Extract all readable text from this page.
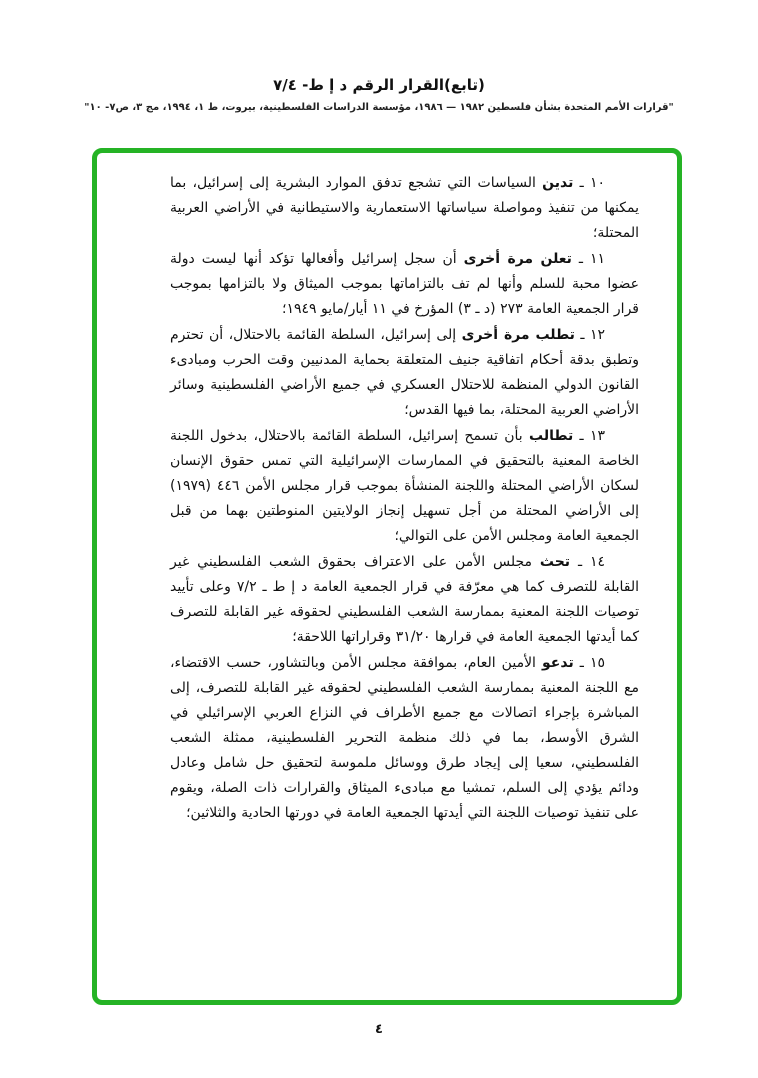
(تابع)القرار الرقم د إ ط- ٧/٤
"قرارات الأمم المتحدة بشأن فلسطين ١٩٨٢ — ١٩٨٦، مؤسسة الدراسات الفلسطينية، بيروت، ط ١، ١٩٩٤، مج ٣، ص٧- ١٠"

١٠ ـ تدين السياسات التي تشجع تدفق الموارد البشرية إلى إسرائيل، بما يمكنها من تنفيذ ومواصلة سياساتها الاستعمارية والاستيطانية في الأراضي العربية المحتلة؛

١١ ـ تعلن مرة أخرى أن سجل إسرائيل وأفعالها تؤكد أنها ليست دولة عضوا محبة للسلم وأنها لم تف بالتزاماتها بموجب الميثاق ولا بالتزامها بموجب قرار الجمعية العامة ٢٧٣ (د ـ ٣) المؤرخ في ١١ أيار/مايو ١٩٤٩؛

١٢ ـ تطلب مرة أخرى إلى إسرائيل، السلطة القائمة بالاحتلال، أن تحترم وتطبق بدقة أحكام اتفاقية جنيف المتعلقة بحماية المدنيين وقت الحرب ومبادىء القانون الدولي المنظمة للاحتلال العسكري في جميع الأراضي الفلسطينية وسائر الأراضي العربية المحتلة، بما فيها القدس؛

١٣ ـ تطالب بأن تسمح إسرائيل، السلطة القائمة بالاحتلال، بدخول اللجنة الخاصة المعنية بالتحقيق في الممارسات الإسرائيلية التي تمس حقوق الإنسان لسكان الأراضي المحتلة واللجنة المنشأة بموجب قرار مجلس الأمن ٤٤٦ (١٩٧٩) إلى الأراضي المحتلة من أجل تسهيل إنجاز الولايتين المنوطتين بهما من قبل الجمعية العامة ومجلس الأمن على التوالي؛

١٤ ـ تحث مجلس الأمن على الاعتراف بحقوق الشعب الفلسطيني غير القابلة للتصرف كما هي معرّفة في قرار الجمعية العامة د إ ط ـ ٧/٢ وعلى تأييد توصيات اللجنة المعنية بممارسة الشعب الفلسطيني لحقوقه غير القابلة للتصرف كما أيدتها الجمعية العامة في قرارها ٣١/٢٠ وقراراتها اللاحقة؛

١٥ ـ تدعو الأمين العام، بموافقة مجلس الأمن وبالتشاور، حسب الاقتضاء، مع اللجنة المعنية بممارسة الشعب الفلسطيني لحقوقه غير القابلة للتصرف، إلى المباشرة بإجراء اتصالات مع جميع الأطراف في النزاع العربي الإسرائيلي في الشرق الأوسط، بما في ذلك منظمة التحرير الفلسطينية، ممثلة الشعب الفلسطيني، سعيا إلى إيجاد طرق ووسائل ملموسة لتحقيق حل شامل وعادل ودائم يؤدي إلى السلم، تمشيا مع مبادىء الميثاق والقرارات ذات الصلة، ويقوم على تنفيذ توصيات اللجنة التي أيدتها الجمعية العامة في دورتها الحادية والثلاثين؛

٤
